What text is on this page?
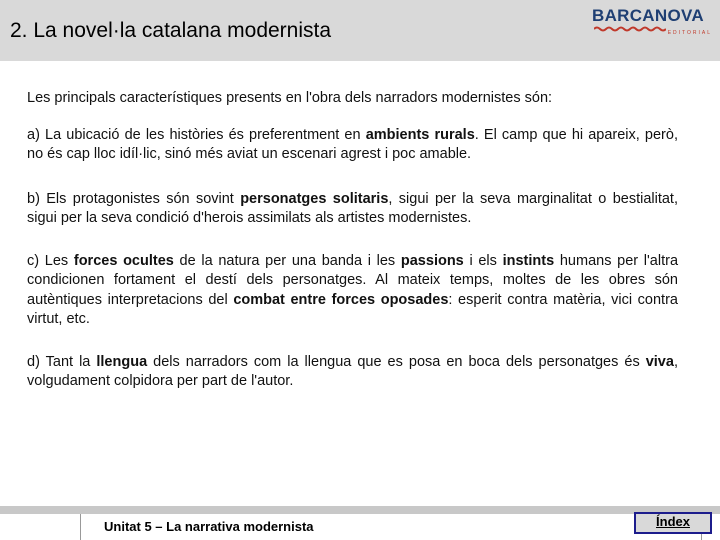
2. La novel·la catalana modernista
BARCANOVA
EDITORIAL

Les principals característiques presents en l'obra dels narradors modernistes són:

a) La ubicació de les històries és preferentment en ambients rurals. El camp que hi apareix, però, no és cap lloc idíl·lic, sinó més aviat un escenari agrest i poc amable.

b) Els protagonistes són sovint personatges solitaris, sigui per la seva marginalitat o bestialitat, sigui per la seva condició d'herois assimilats als artistes modernistes.

c) Les forces ocultes de la natura per una banda i les passions i els instints humans per l'altra condicionen fortament el destí dels personatges. Al mateix temps, moltes de les obres són autèntiques interpretacions del combat entre forces oposades: esperit contra matèria, vici contra virtut, etc.

d) Tant la llengua dels narradors com la llengua que es posa en boca dels personatges és viva, volgudament colpidora per part de l'autor.

Unitat 5 – La narrativa modernista	Índex
